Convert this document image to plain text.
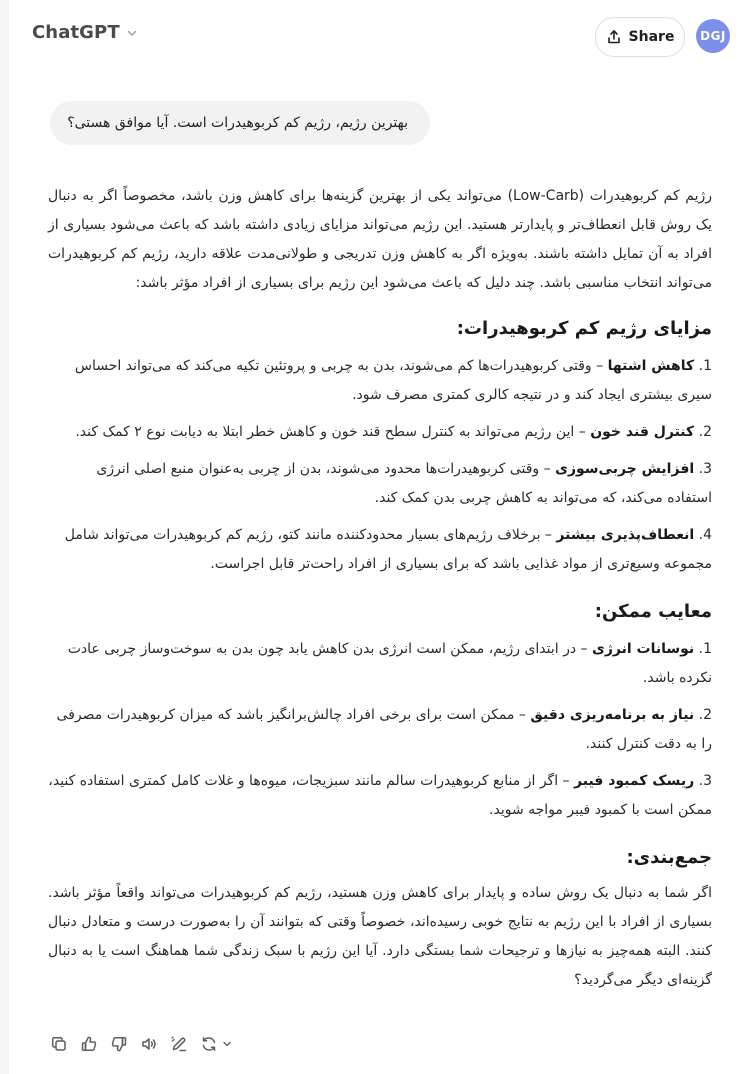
ChatGPT	Share	DGJ
بهترین رژیم، رژیم کم کربوهیدرات است. آیا موافق هستی؟

رژیم کم کربوهیدرات (Low-Carb) می‌تواند یکی از بهترین گزینه‌ها برای کاهش وزن باشد، مخصوصاً اگر به دنبال یک روش قابل انعطاف‌تر و پایدارتر هستید. این رژیم می‌تواند مزایای زیادی داشته باشد که باعث می‌شود بسیاری از افراد به آن تمایل داشته باشند. به‌ویژه اگر به کاهش وزن تدریجی و طولانی‌مدت علاقه دارید، رژیم کم کربوهیدرات می‌تواند انتخاب مناسبی باشد. چند دلیل که باعث می‌شود این رژیم برای بسیاری از افراد مؤثر باشد:

مزایای رژیم کم کربوهیدرات:
1. کاهش اشتها – وقتی کربوهیدرات‌ها کم می‌شوند، بدن به چربی و پروتئین تکیه می‌کند که می‌تواند احساس سیری بیشتری ایجاد کند و در نتیجه کالری کمتری مصرف شود.
2. کنترل قند خون – این رژیم می‌تواند به کنترل سطح قند خون و کاهش خطر ابتلا به دیابت نوع ۲ کمک کند.
3. افزایش چربی‌سوزی – وقتی کربوهیدرات‌ها محدود می‌شوند، بدن از چربی به‌عنوان منبع اصلی انرژی استفاده می‌کند، که می‌تواند به کاهش چربی بدن کمک کند.
4. انعطاف‌پذیری بیشتر – برخلاف رژیم‌های بسیار محدودکننده مانند کتو، رژیم کم کربوهیدرات می‌تواند شامل مجموعه وسیع‌تری از مواد غذایی باشد که برای بسیاری از افراد راحت‌تر قابل اجراست.
معایب ممکن:
1. نوسانات انرژی – در ابتدای رژیم، ممکن است انرژی بدن کاهش یابد چون بدن به سوخت‌وساز چربی عادت نکرده باشد.
2. نیاز به برنامه‌ریزی دقیق – ممکن است برای برخی افراد چالش‌برانگیز باشد که میزان کربوهیدرات مصرفی را به دقت کنترل کنند.
3. ریسک کمبود فیبر – اگر از منابع کربوهیدرات سالم مانند سبزیجات، میوه‌ها و غلات کامل کمتری استفاده کنید، ممکن است با کمبود فیبر مواجه شوید.
جمع‌بندی:

اگر شما به دنبال یک روش ساده و پایدار برای کاهش وزن هستید، رژیم کم کربوهیدرات می‌تواند واقعاً مؤثر باشد. بسیاری از افراد با این رژیم به نتایج خوبی رسیده‌اند، خصوصاً وقتی که بتوانند آن را به‌صورت درست و متعادل دنبال کنند. البته همه‌چیز به نیازها و ترجیحات شما بستگی دارد. آیا این رژیم با سبک زندگی شما هماهنگ است یا به دنبال گزینه‌ای دیگر می‌گردید؟
